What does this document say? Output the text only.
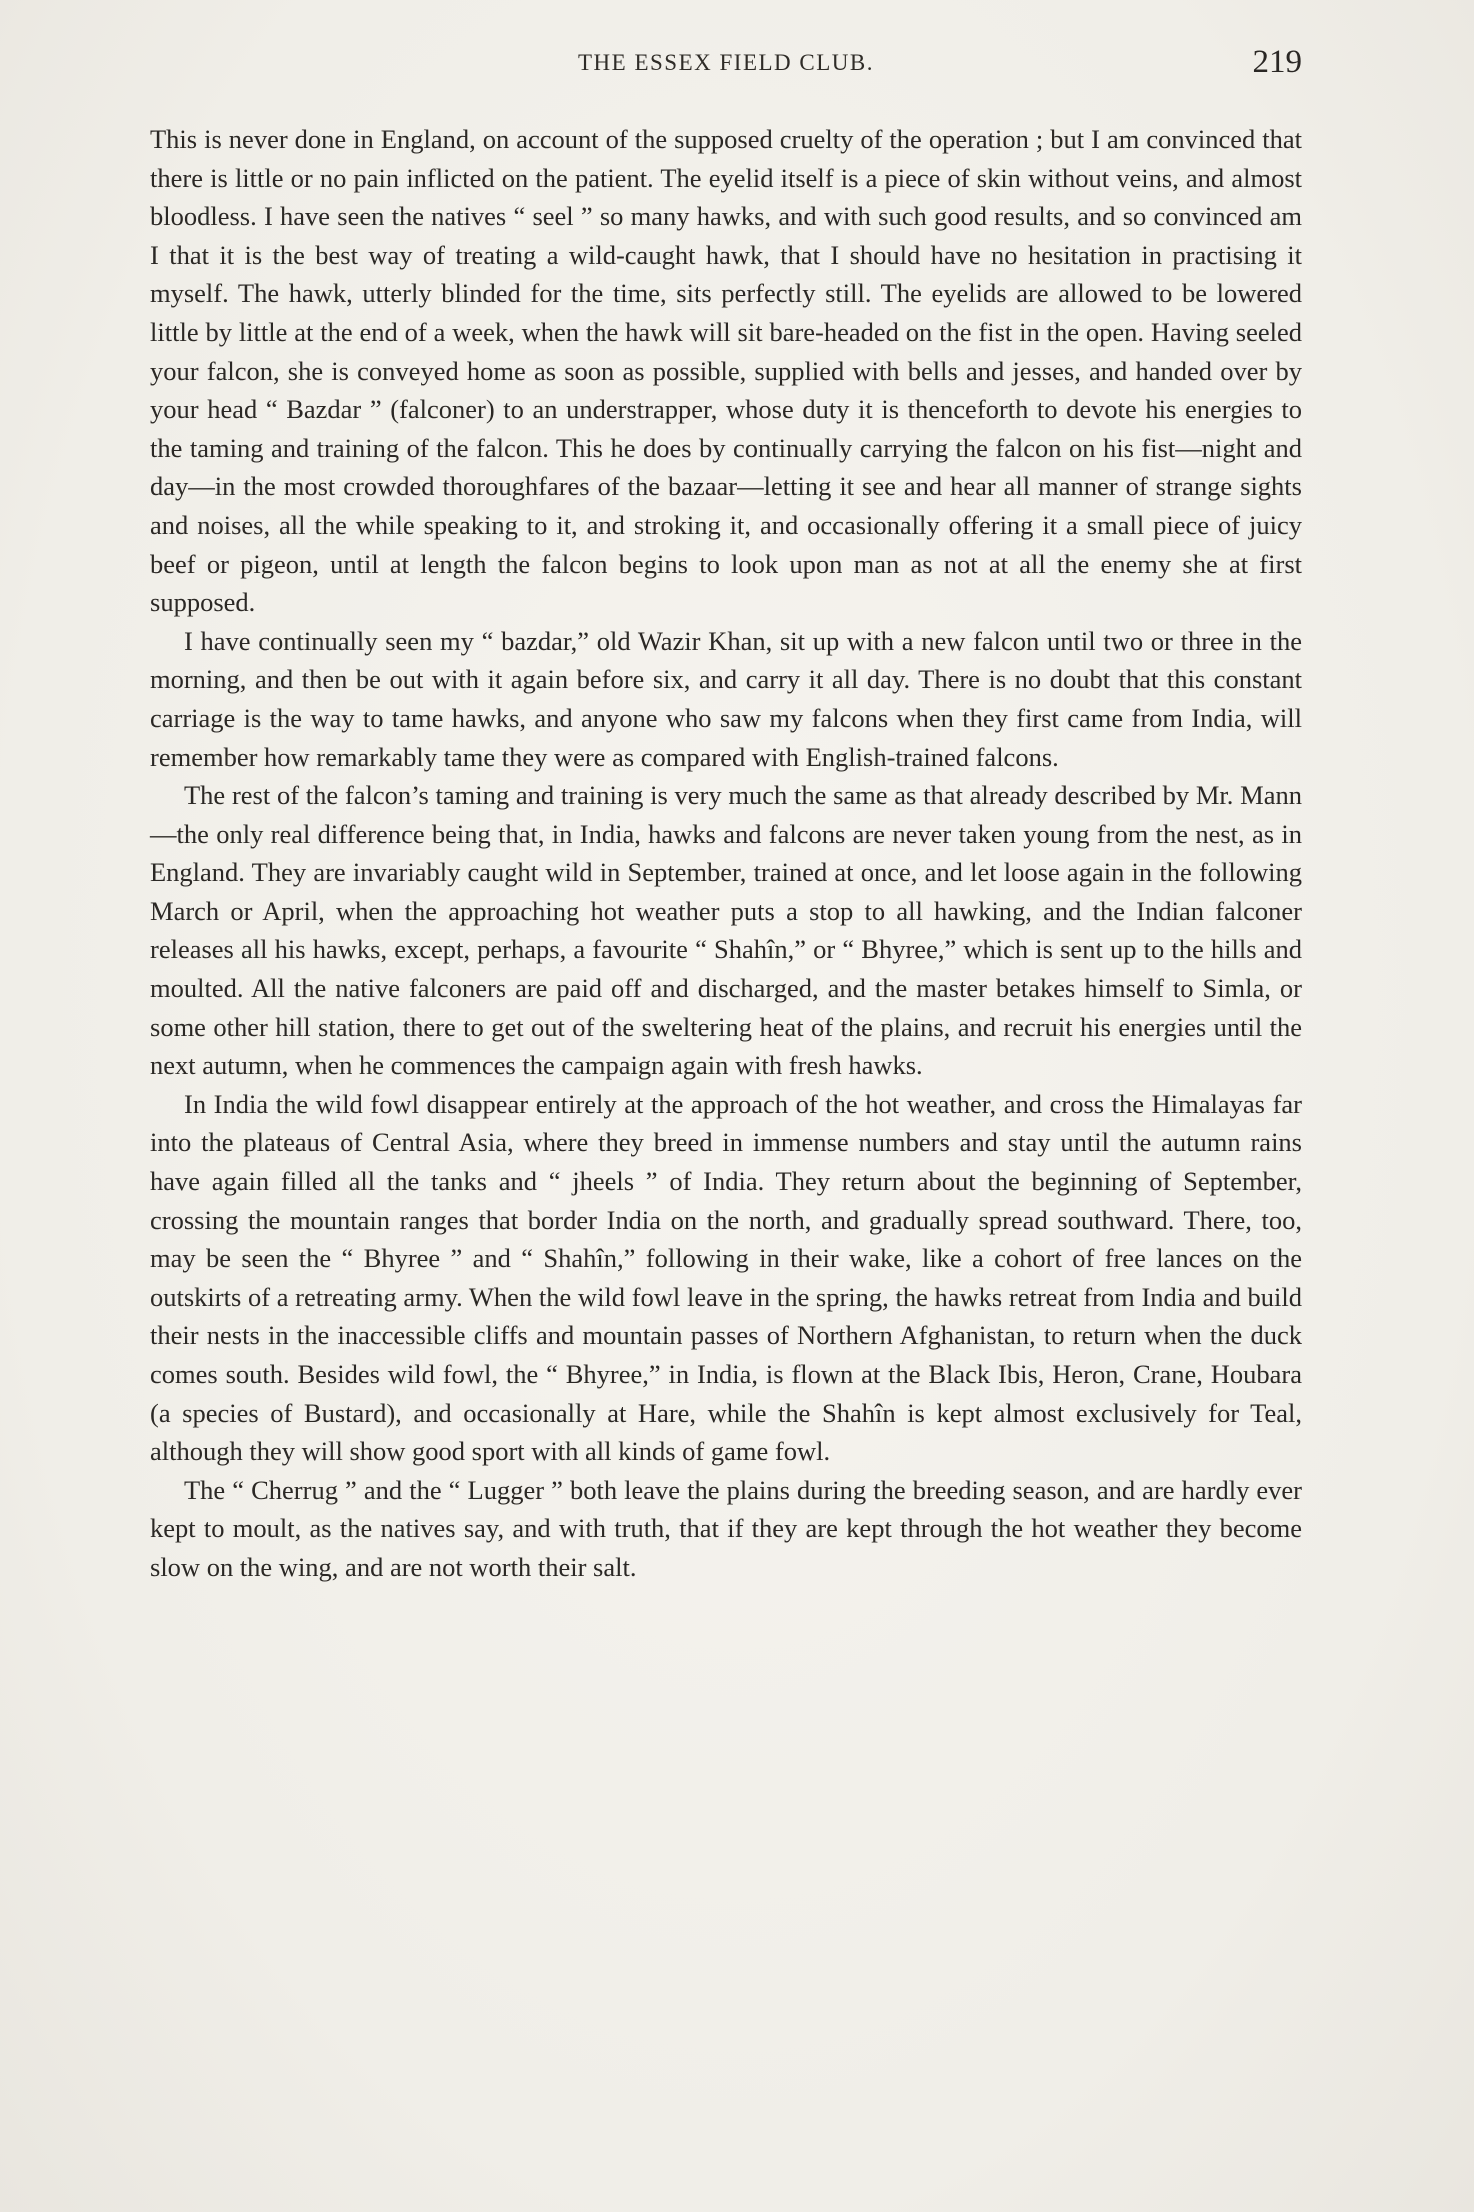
THE ESSEX FIELD CLUB.	219

This is never done in England, on account of the supposed cruelty of the operation ; but I am convinced that there is little or no pain inflicted on the patient. The eyelid itself is a piece of skin without veins, and almost bloodless. I have seen the natives “ seel ” so many hawks, and with such good results, and so convinced am I that it is the best way of treating a wild-caught hawk, that I should have no hesitation in practising it myself. The hawk, utterly blinded for the time, sits perfectly still. The eyelids are allowed to be lowered little by little at the end of a week, when the hawk will sit bare-headed on the fist in the open. Having seeled your falcon, she is conveyed home as soon as possible, supplied with bells and jesses, and handed over by your head “ Bazdar ” (falconer) to an understrapper, whose duty it is thenceforth to devote his energies to the taming and training of the falcon. This he does by continually carrying the falcon on his fist—night and day—in the most crowded thoroughfares of the bazaar—letting it see and hear all manner of strange sights and noises, all the while speaking to it, and stroking it, and occasionally offering it a small piece of juicy beef or pigeon, until at length the falcon begins to look upon man as not at all the enemy she at first supposed.

I have continually seen my “ bazdar,” old Wazir Khan, sit up with a new falcon until two or three in the morning, and then be out with it again before six, and carry it all day. There is no doubt that this constant carriage is the way to tame hawks, and anyone who saw my falcons when they first came from India, will remember how remarkably tame they were as compared with English-trained falcons.

The rest of the falcon’s taming and training is very much the same as that already described by Mr. Mann—the only real difference being that, in India, hawks and falcons are never taken young from the nest, as in England. They are invariably caught wild in September, trained at once, and let loose again in the following March or April, when the approaching hot weather puts a stop to all hawking, and the Indian falconer releases all his hawks, except, perhaps, a favourite “ Shahîn,” or “ Bhyree,” which is sent up to the hills and moulted. All the native falconers are paid off and discharged, and the master betakes himself to Simla, or some other hill station, there to get out of the sweltering heat of the plains, and recruit his energies until the next autumn, when he commences the campaign again with fresh hawks.

In India the wild fowl disappear entirely at the approach of the hot weather, and cross the Himalayas far into the plateaus of Central Asia, where they breed in immense numbers and stay until the autumn rains have again filled all the tanks and “ jheels ” of India. They return about the beginning of September, crossing the mountain ranges that border India on the north, and gradually spread southward. There, too, may be seen the “ Bhyree ” and “ Shahîn,” following in their wake, like a cohort of free lances on the outskirts of a retreating army. When the wild fowl leave in the spring, the hawks retreat from India and build their nests in the inaccessible cliffs and mountain passes of Northern Afghanistan, to return when the duck comes south. Besides wild fowl, the “ Bhyree,” in India, is flown at the Black Ibis, Heron, Crane, Houbara (a species of Bustard), and occasionally at Hare, while the Shahîn is kept almost exclusively for Teal, although they will show good sport with all kinds of game fowl.

The “ Cherrug ” and the “ Lugger ” both leave the plains during the breeding season, and are hardly ever kept to moult, as the natives say, and with truth, that if they are kept through the hot weather they become slow on the wing, and are not worth their salt.
